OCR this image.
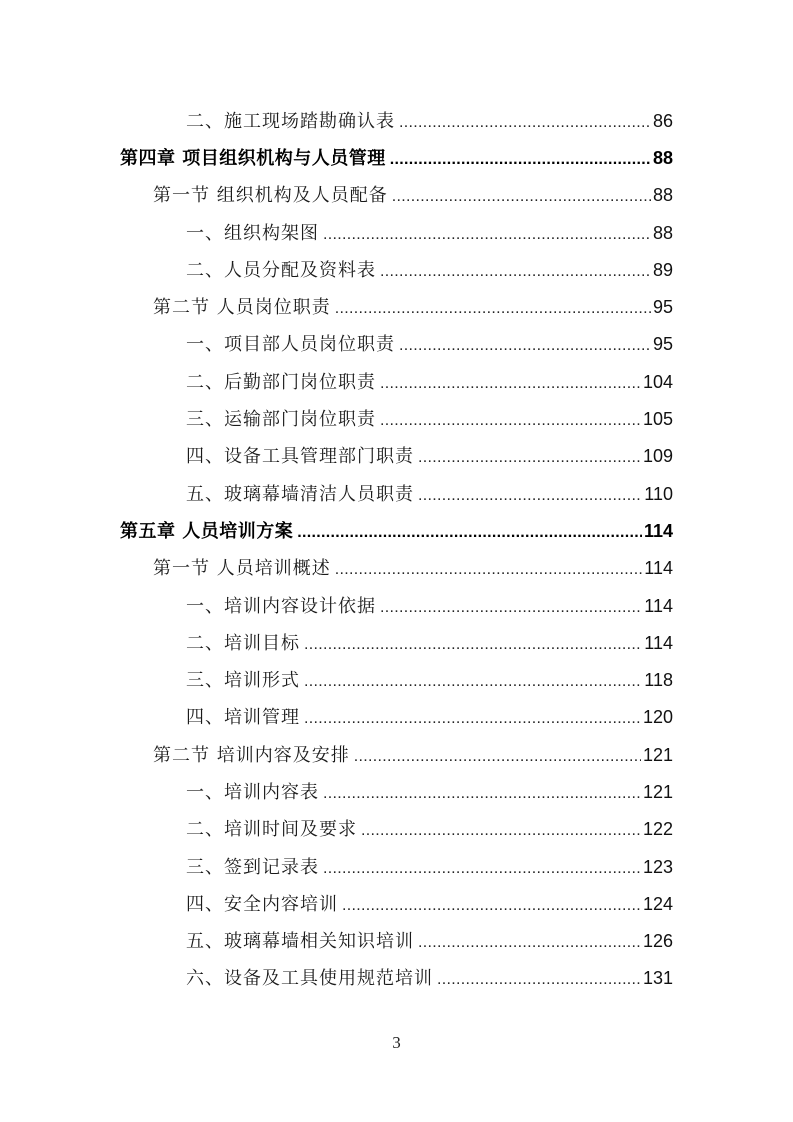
二、施工现场踏勘确认表 .....	86
第四章 项目组织机构与人员管理 .....	88
第一节 组织机构及人员配备 .....	88
一、组织构架图 .....	88
二、人员分配及资料表 .....	89
第二节 人员岗位职责 .....	95
一、项目部人员岗位职责 .....	95
二、后勤部门岗位职责 .....	104
三、运输部门岗位职责 .....	105
四、设备工具管理部门职责 .....	109
五、玻璃幕墙清洁人员职责 .....	110
第五章 人员培训方案 .....	114
第一节 人员培训概述 .....	114
一、培训内容设计依据 .....	114
二、培训目标 .....	114
三、培训形式 .....	118
四、培训管理 .....	120
第二节 培训内容及安排 .....	121
一、培训内容表 .....	121
二、培训时间及要求 .....	122
三、签到记录表 .....	123
四、安全内容培训 .....	124
五、玻璃幕墙相关知识培训 .....	126
六、设备及工具使用规范培训 .....	131
3
